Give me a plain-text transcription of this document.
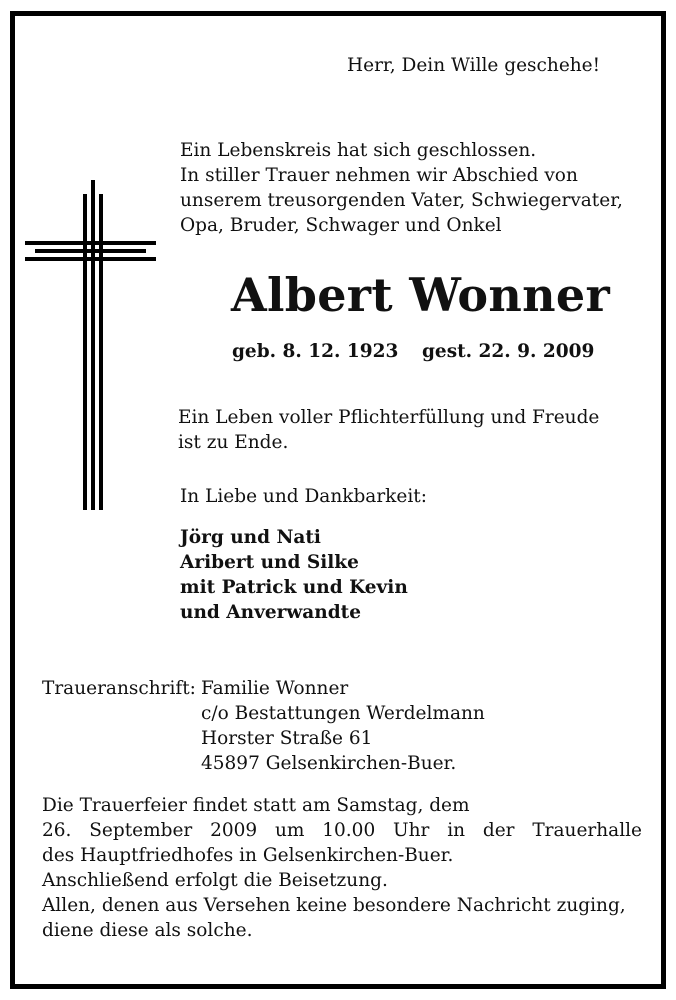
Herr, Dein Wille geschehe!
Ein Lebenskreis hat sich geschlossen.
In stiller Trauer nehmen wir Abschied von
unserem treusorgenden Vater, Schwiegervater,
Opa, Bruder, Schwager und Onkel
Albert Wonner
geb. 8. 12. 1923 gest. 22. 9. 2009
Ein Leben voller Pflichterfüllung und Freude
ist zu Ende.
In Liebe und Dankbarkeit:
Jörg und Nati
Aribert und Silke
mit Patrick und Kevin
und Anverwandte
Traueranschrift: Familie Wonner
c/o Bestattungen Werdelmann
Horster Straße 61
45897 Gelsenkirchen-Buer.
Die Trauerfeier findet statt am Samstag, dem
26. September 2009 um 10.00 Uhr in der Trauerhalle
des Hauptfriedhofes in Gelsenkirchen-Buer.
Anschließend erfolgt die Beisetzung.
Allen, denen aus Versehen keine besondere Nachricht zuging,
diene diese als solche.
